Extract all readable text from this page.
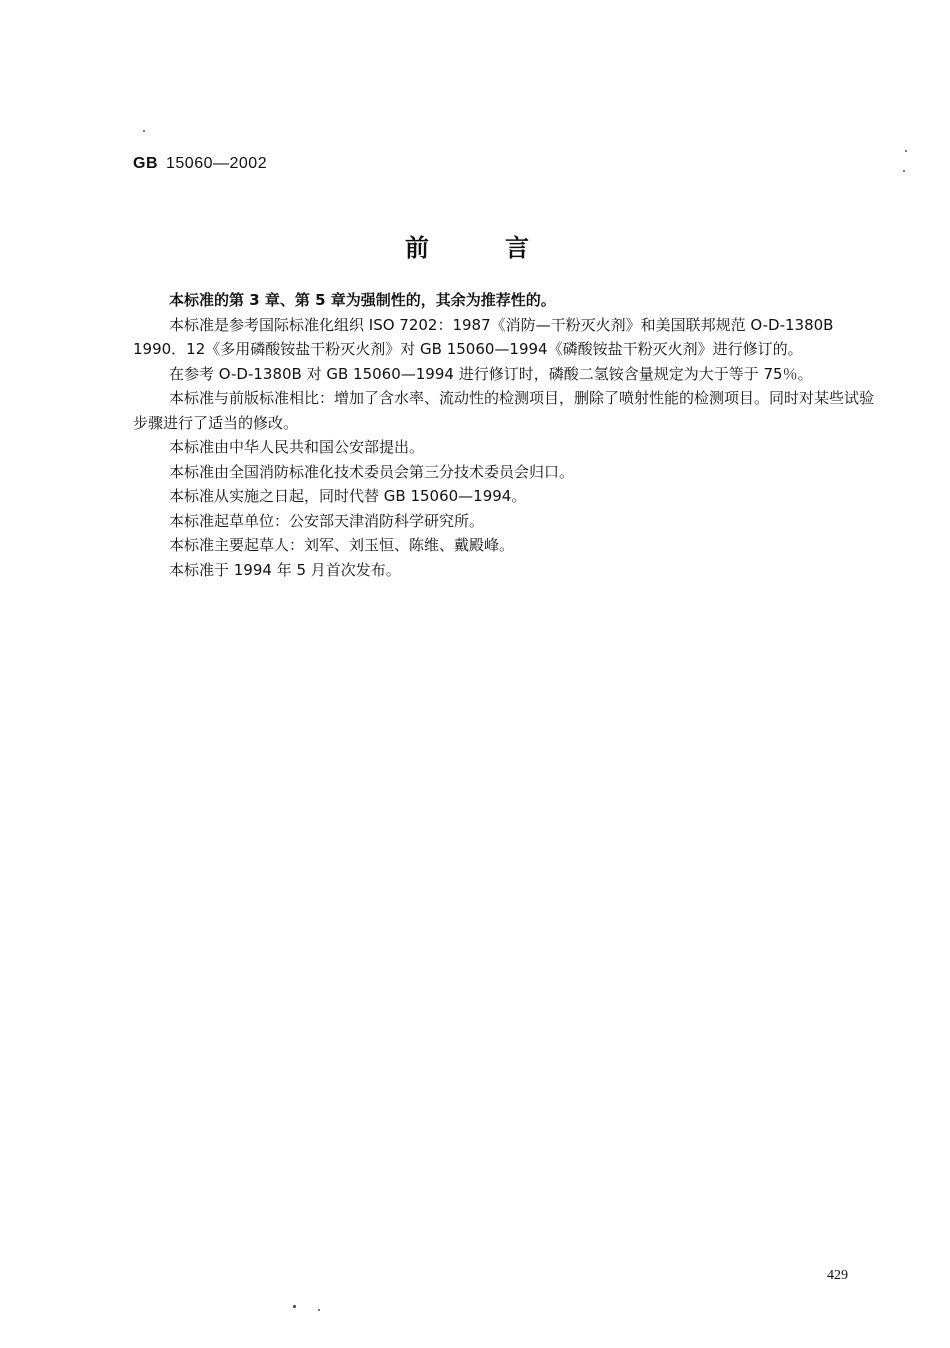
GB 15060—2002
前言

本标准的第 3 章、第 5 章为强制性的，其余为推荐性的。

本标准是参考国际标准化组织 ISO 7202：1987《消防—干粉灭火剂》和美国联邦规范 O-D-1380B 1990．12《多用磷酸铵盐干粉灭火剂》对 GB 15060—1994《磷酸铵盐干粉灭火剂》进行修订的。

在参考 O-D-1380B 对 GB 15060—1994 进行修订时，磷酸二氢铵含量规定为大于等于 75％。

本标准与前版标准相比：增加了含水率、流动性的检测项目，删除了喷射性能的检测项目。同时对某些试验步骤进行了适当的修改。

本标准由中华人民共和国公安部提出。

本标准由全国消防标准化技术委员会第三分技术委员会归口。

本标准从实施之日起，同时代替 GB 15060—1994。

本标准起草单位：公安部天津消防科学研究所。

本标准主要起草人：刘军、刘玉恒、陈维、戴殿峰。

本标准于 1994 年 5 月首次发布。

429
